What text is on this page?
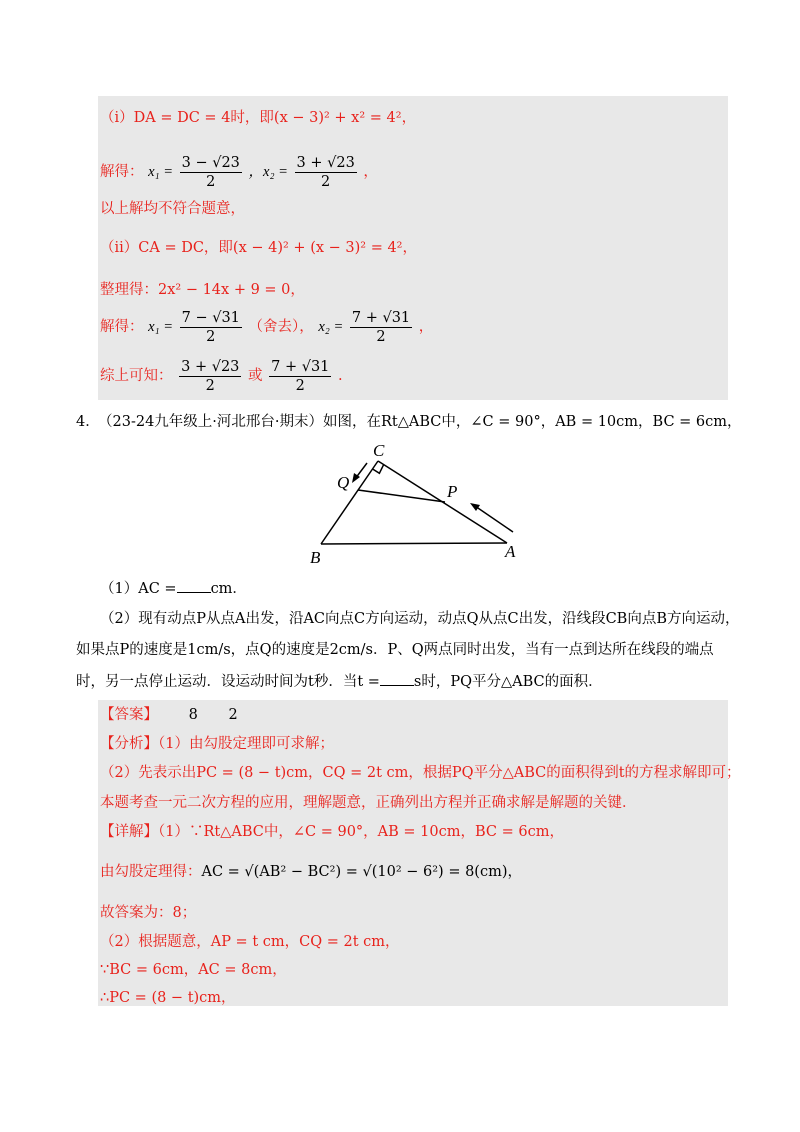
（ⅰ）DA = DC = 4时，即(x − 3)² + x² = 4²，
解得： $x_1 = \frac{3 - √23}{2}$ ，$x_2 = \frac{3 + √23}{2}$ ，
以上解均不符合题意，
（ⅱ）CA = DC，即(x − 4)² + (x − 3)² = 4²，
整理得：2x² − 14x + 9 = 0，
解得： $x_1 = \frac{7 - √31}{2}$ （舍去）， $x_2 = \frac{7 + √31}{2}$ ，
综上可知： $\frac{3 + √23}{2}$ 或 $\frac{7 + √31}{2}$ .
4．
（23-24九年级上·河北邢台·期末）如图，在Rt△ABC中，∠C = 90°，AB = 10cm，BC = 6cm，
C
Q	P
B	A
（1）AC = cm．
（2）现有动点P从点A出发，沿AC向点C方向运动，动点Q从点C出发，沿线段CB向点B方向运动，
如果点P的速度是1cm/s，点Q的速度是2cm/s．P、Q两点同时出发，当有一点到达所在线段的端点
时，另一点停止运动．设运动时间为t秒．当t = s时，PQ平分△ABC的面积．
【答案】 8 2
【分析】（1）由勾股定理即可求解；
（2）先表示出PC = (8 − t)cm，CQ = 2t cm，根据PQ平分△ABC的面积得到t的方程求解即可；
本题考查一元二次方程的应用，理解题意，正确列出方程并正确求解是解题的关键．
【详解】（1）∵Rt△ABC中，∠C = 90°，AB = 10cm，BC = 6cm，
由勾股定理得：AC = √(AB² − BC²) = √(10² − 6²) = 8(cm)，
故答案为：8；
（2）根据题意，AP = t cm，CQ = 2t cm，
∵BC = 6cm，AC = 8cm，
∴PC = (8 − t)cm，
